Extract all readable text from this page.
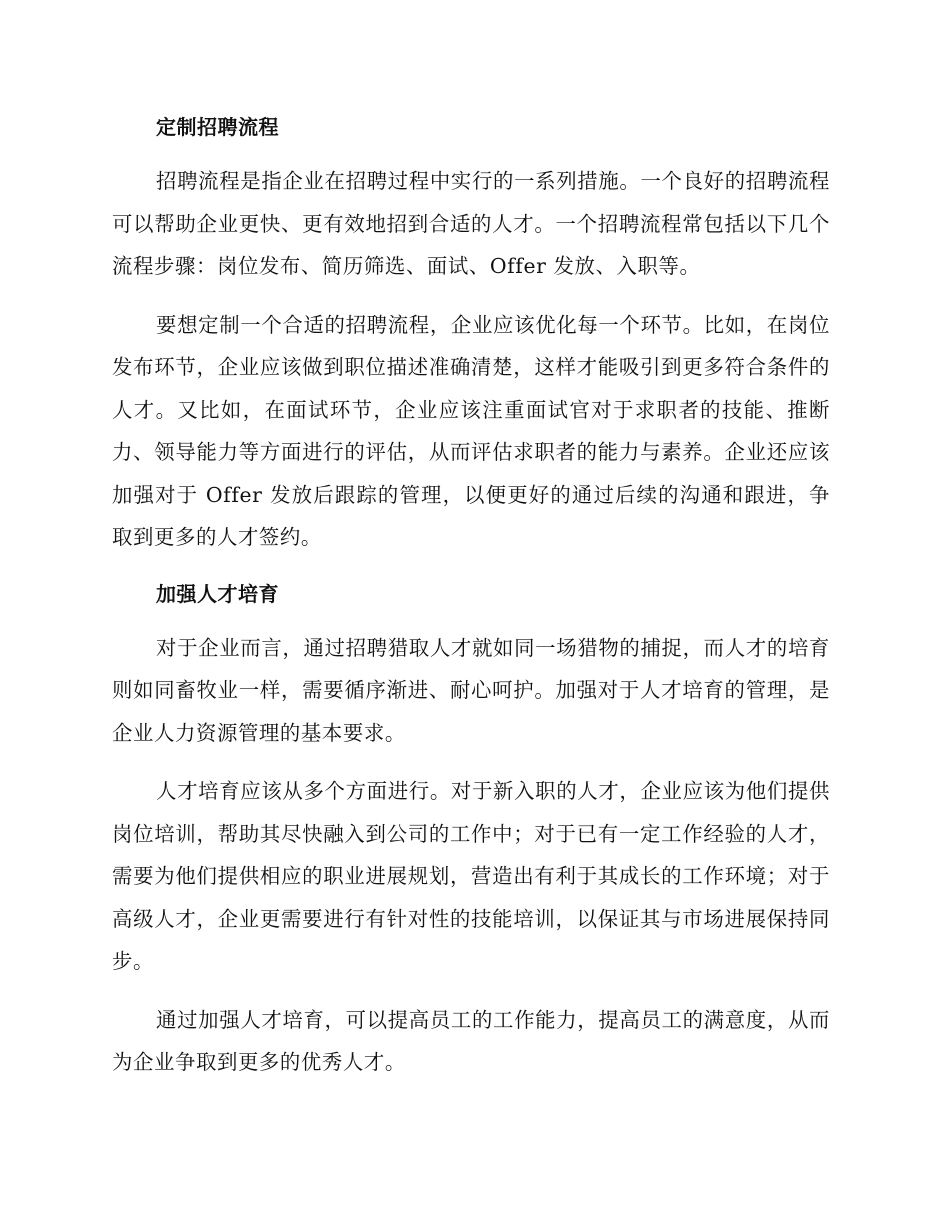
定制招聘流程

招聘流程是指企业在招聘过程中实行的一系列措施。一个良好的招聘流程可以帮助企业更快、更有效地招到合适的人才。一个招聘流程常包括以下几个流程步骤：岗位发布、简历筛选、面试、Offer 发放、入职等。

要想定制一个合适的招聘流程，企业应该优化每一个环节。比如，在岗位发布环节，企业应该做到职位描述准确清楚，这样才能吸引到更多符合条件的人才。又比如，在面试环节，企业应该注重面试官对于求职者的技能、推断力、领导能力等方面进行的评估，从而评估求职者的能力与素养。企业还应该加强对于 Offer 发放后跟踪的管理，以便更好的通过后续的沟通和跟进，争取到更多的人才签约。

加强人才培育

对于企业而言，通过招聘猎取人才就如同一场猎物的捕捉，而人才的培育则如同畜牧业一样，需要循序渐进、耐心呵护。加强对于人才培育的管理，是企业人力资源管理的基本要求。

人才培育应该从多个方面进行。对于新入职的人才，企业应该为他们提供岗位培训，帮助其尽快融入到公司的工作中；对于已有一定工作经验的人才，需要为他们提供相应的职业进展规划，营造出有利于其成长的工作环境；对于高级人才，企业更需要进行有针对性的技能培训，以保证其与市场进展保持同步。

通过加强人才培育，可以提高员工的工作能力，提高员工的满意度，从而为企业争取到更多的优秀人才。
